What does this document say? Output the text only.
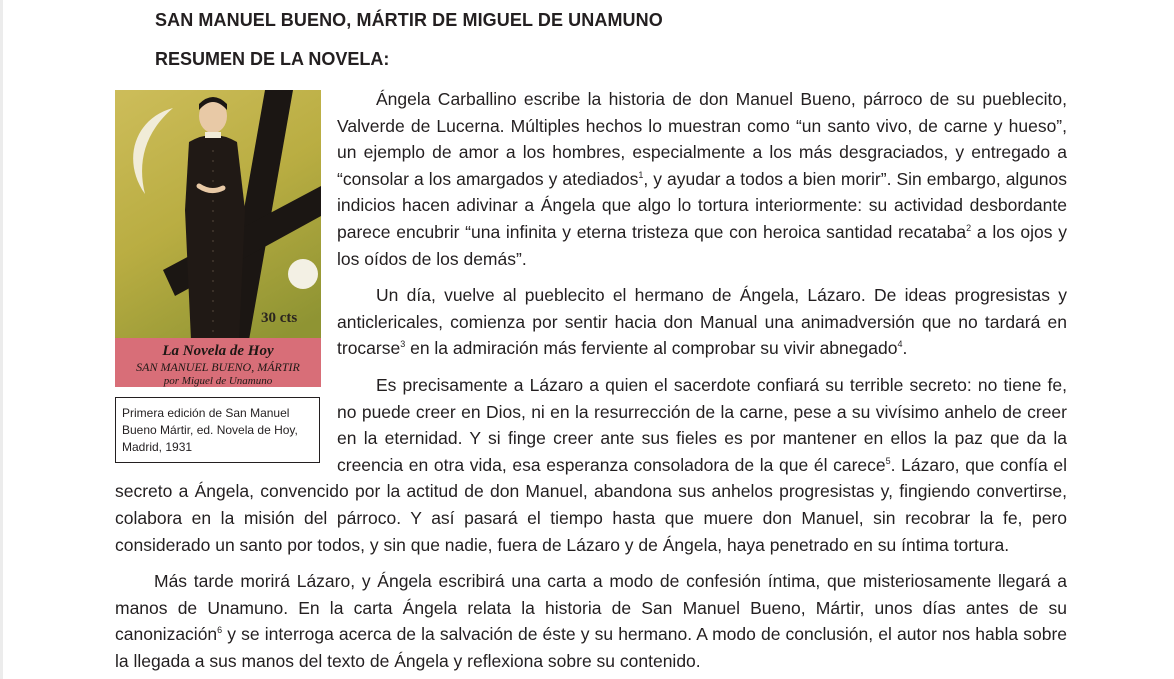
SAN MANUEL BUENO, MÁRTIR DE MIGUEL DE UNAMUNO
RESUMEN DE LA NOVELA:
30 cts
La Novela de Hoy
SAN MANUEL BUENO, MÁRTIR
por Miguel de Unamuno
Primera edición de San Manuel Bueno Mártir, ed. Novela de Hoy, Madrid, 1931

Ángela Carballino escribe la historia de don Manuel Bueno, párroco de su pueblecito, Valverde de Lucerna. Múltiples hechos lo muestran como “un santo vivo, de carne y hueso”, un ejemplo de amor a los hombres, especialmente a los más desgraciados, y entregado a “consolar a los amargados y atediados$^1$, y ayudar a todos a bien morir”. Sin embargo, algunos indicios hacen adivinar a Ángela que algo lo tortura interiormente: su actividad desbordante parece encubrir “una infinita y eterna tristeza que con heroica santidad recataba$^2$ a los ojos y los oídos de los demás”.

Un día, vuelve al pueblecito el hermano de Ángela, Lázaro. De ideas progresistas y anticlericales, comienza por sentir hacia don Manual una animadversión que no tardará en trocarse$^3$ en la admiración más ferviente al comprobar su vivir abnegado$^4$.

Es precisamente a Lázaro a quien el sacerdote confiará su terrible secreto: no tiene fe, no puede creer en Dios, ni en la resurrección de la carne, pese a su vivísimo anhelo de creer en la eternidad. Y si finge creer ante sus fieles es por mantener en ellos la paz que da la creencia en otra vida, esa esperanza consoladora de la que él carece$^5$. Lázaro, que confía el secreto a Ángela, convencido por la actitud de don Manuel, abandona sus anhelos progresistas y, fingiendo convertirse, colabora en la misión del párroco. Y así pasará el tiempo hasta que muere don Manuel, sin recobrar la fe, pero considerado un santo por todos, y sin que nadie, fuera de Lázaro y de Ángela, haya penetrado en su íntima tortura.

Más tarde morirá Lázaro, y Ángela escribirá una carta a modo de confesión íntima, que misteriosamente llegará a manos de Unamuno. En la carta Ángela relata la historia de San Manuel Bueno, Mártir, unos días antes de su canonización$^6$ y se interroga acerca de la salvación de éste y su hermano. A modo de conclusión, el autor nos habla sobre la llegada a sus manos del texto de Ángela y reflexiona sobre su contenido.
